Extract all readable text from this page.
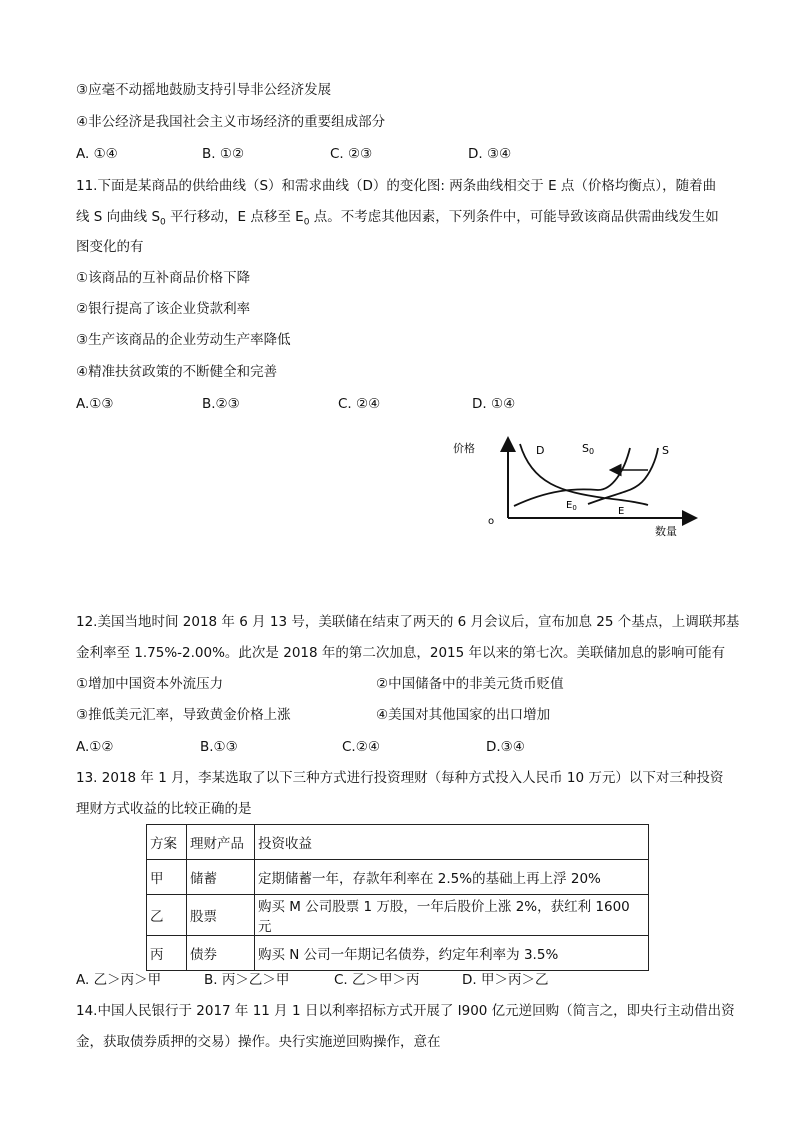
③应毫不动摇地鼓励支持引导非公经济发展
④非公经济是我国社会主义市场经济的重要组成部分
A. ①④	B. ①②	C. ②③	D. ③④
11.下面是某商品的供给曲线（S）和需求曲线（D）的变化图: 两条曲线相交于 E 点（价格均衡点），随着曲
线 S 向曲线 $S_0$ 平行移动，E 点移至 $E_0$ 点。不考虑其他因素，下列条件中，可能导致该商品供需曲线发生如
图变化的有
①该商品的互补商品价格下降
②银行提高了该企业贷款利率
③生产该商品的企业劳动生产率降低
④精准扶贫政策的不断健全和完善
A.①③	B.②③	C. ②④	D. ①④
价格
o
数量
D	S0	S
$E_0$	E
12.美国当地时间 2018 年 6 月 13 号，美联储在结束了两天的 6 月会议后，宣布加息 25 个基点，上调联邦基
金利率至 1.75%-2.00%。此次是 2018 年的第二次加息，2015 年以来的第七次。美联储加息的影响可能有
①增加中国资本外流压力	②中国储备中的非美元货币贬值
③推低美元汇率，导致黄金价格上涨	④美国对其他国家的出口增加
A.①②	B.①③	C.②④	D.③④
13. 2018 年 1 月，李某选取了以下三种方式进行投资理财（每种方式投入人民币 10 万元）以下对三种投资
理财方式收益的比较正确的是
方案	理财产品	投资收益
甲	储蓄	定期储蓄一年，存款年利率在 2.5%的基础上再上浮 20%
乙	股票	购买 M 公司股票 1 万股，一年后股价上涨 2%，获红利 1600 元
丙	债券	购买 N 公司一年期记名债券，约定年利率为 3.5%
A. 乙＞丙＞甲	B. 丙＞乙＞甲	C. 乙＞甲＞丙	D. 甲＞丙＞乙
14.中国人民银行于 2017 年 11 月 1 日以利率招标方式开展了 I900 亿元逆回购（简言之，即央行主动借出资
金，获取债券质押的交易）操作。央行实施逆回购操作，意在
